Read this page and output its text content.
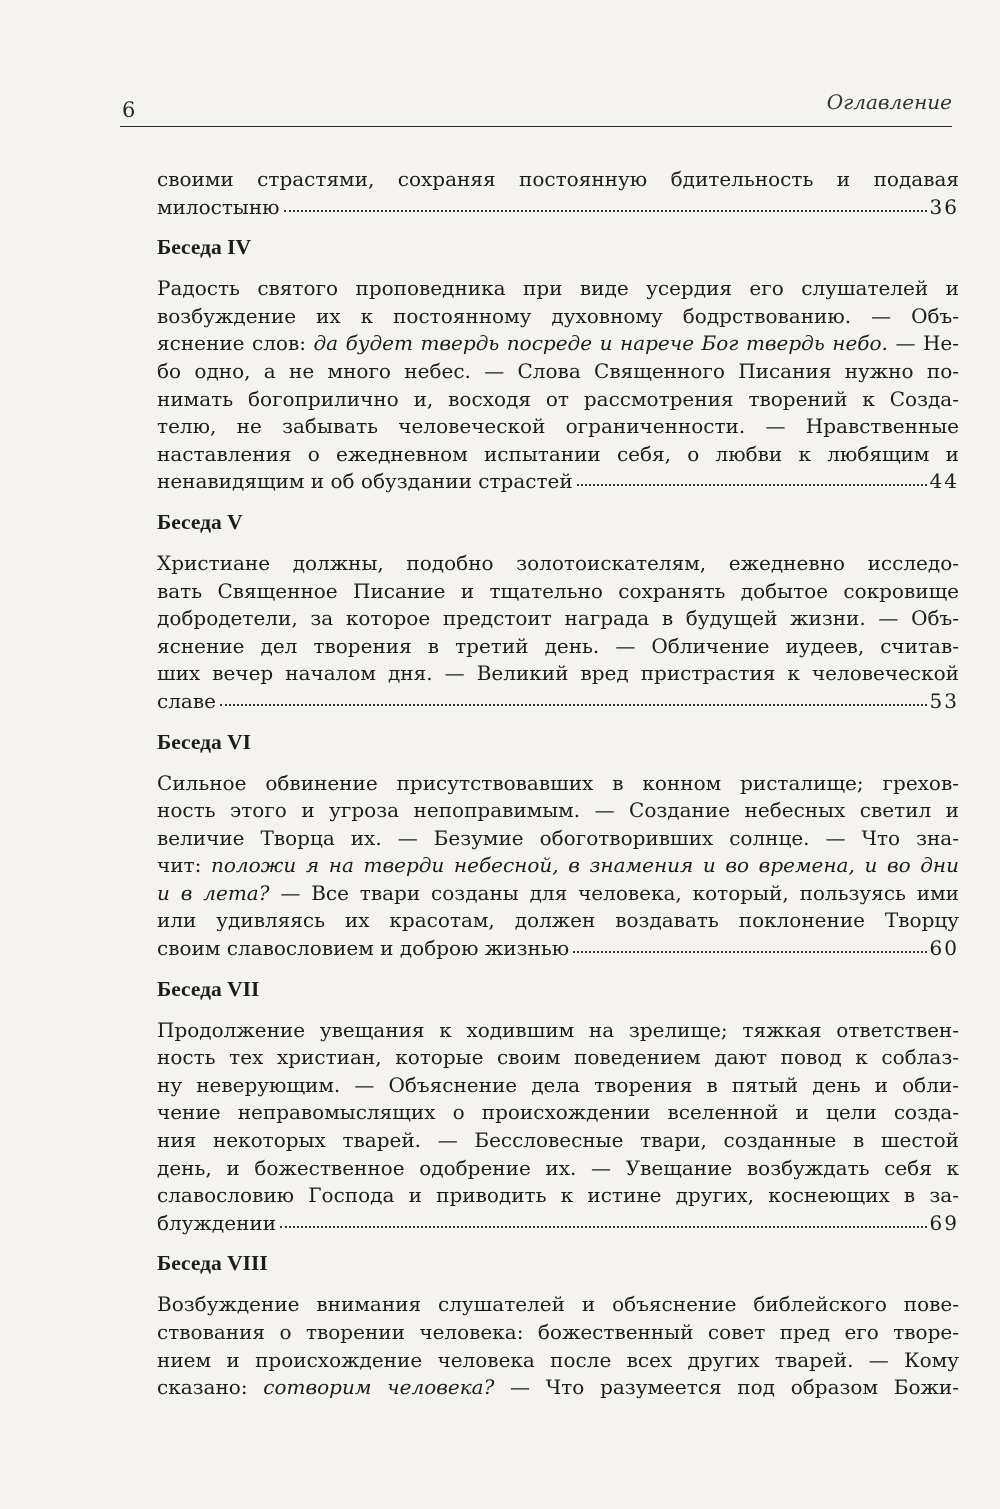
6	Оглавление
своими страстями, сохраняя постоянную бдительность и подавая
милостыню	36
Беседа IV
Радость святого проповедника при виде усердия его слушателей и
возбуждение их к постоянному духовному бодрствованию. — Объ-
яснение слов: да будет твердь посреде и нарече Бог твердь небо. — Не-
бо одно, а не много небес. — Слова Священного Писания нужно по-
нимать богоприлично и, восходя от рассмотрения творений к Созда-
телю, не забывать человеческой ограниченности. — Нравственные
наставления о ежедневном испытании себя, о любви к любящим и
ненавидящим и об обуздании страстей	44
Беседа V
Христиане должны, подобно золотоискателям, ежедневно исследо-
вать Священное Писание и тщательно сохранять добытое сокровище
добродетели, за которое предстоит награда в будущей жизни. — Объ-
яснение дел творения в третий день. — Обличение иудеев, считав-
ших вечер началом дня. — Великий вред пристрастия к человеческой
славе	53
Беседа VI
Сильное обвинение присутствовавших в конном ристалище; грехов-
ность этого и угроза непоправимым. — Создание небесных светил и
величие Творца их. — Безумие обоготворивших солнце. — Что зна-
чит: положи я на тверди небесной, в знамения и во времена, и во дни
и в лета? — Все твари созданы для человека, который, пользуясь ими
или удивляясь их красотам, должен воздавать поклонение Творцу
своим славословием и доброю жизнью	60
Беседа VII
Продолжение увещания к ходившим на зрелище; тяжкая ответствен-
ность тех христиан, которые своим поведением дают повод к соблаз-
ну неверующим. — Объяснение дела творения в пятый день и обли-
чение неправомыслящих о происхождении вселенной и цели созда-
ния некоторых тварей. — Бессловесные твари, созданные в шестой
день, и божественное одобрение их. — Увещание возбуждать себя к
славословию Господа и приводить к истине других, коснеющих в за-
блуждении	69
Беседа VIII
Возбуждение внимания слушателей и объяснение библейского пове-
ствования о творении человека: божественный совет пред его творе-
нием и происхождение человека после всех других тварей. — Кому
сказано: сотворим человека? — Что разумеется под образом Божи-
